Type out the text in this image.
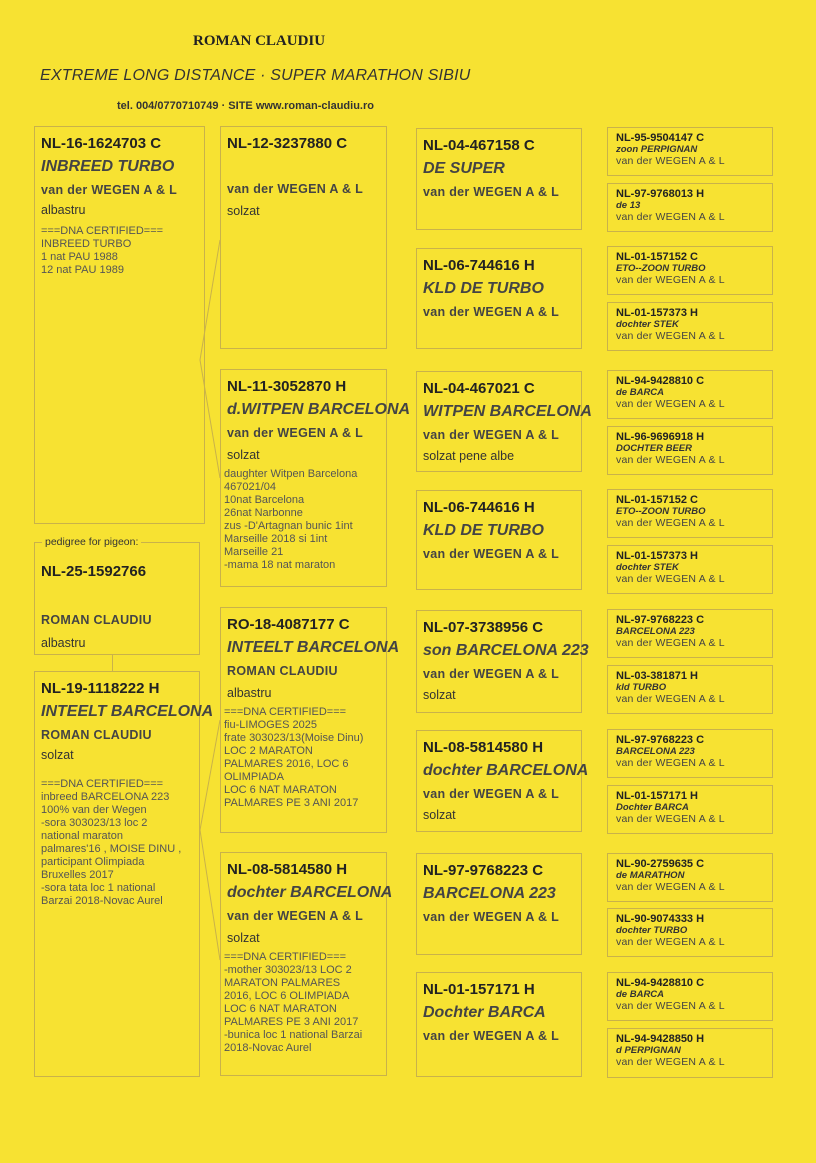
ROMAN CLAUDIU
EXTREME LONG DISTANCE · SUPER MARATHON SIBIU
tel. 004/0770710749 · SITE www.roman-claudiu.ro
NL-25-1592766
ROMAN CLAUDIU
albastru
pedigree for pigeon:
NL-16-1624703 C
INBREED TURBO
van der WEGEN A & L
albastru
===DNA CERTIFIED===
INBREED TURBO
1 nat PAU 1988
12 nat PAU 1989
NL-19-1118222 H
INTEELT BARCELONA
ROMAN CLAUDIU
solzat
===DNA CERTIFIED===
inbreed BARCELONA 223
100% van der Wegen
-sora 303023/13 loc 2
national maraton
palmares'16 , MOISE DINU ,
participant Olimpiada
Bruxelles 2017
-sora tata loc 1 national
Barzai 2018-Novac Aurel
NL-12-3237880 C
van der WEGEN A & L
solzat
NL-11-3052870 H
d.WITPEN BARCELONA
van der WEGEN A & L
solzat
daughter Witpen Barcelona
467021/04
10nat Barcelona
26nat Narbonne
zus -D'Artagnan bunic 1int
Marseille 2018 si 1int
Marseille 21
-mama 18 nat maraton
RO-18-4087177 C
INTEELT BARCELONA
ROMAN CLAUDIU
albastru
===DNA CERTIFIED===
fiu-LIMOGES 2025
frate 303023/13(Moise Dinu)
LOC 2 MARATON
PALMARES 2016, LOC 6
OLIMPIADA
LOC 6 NAT MARATON
PALMARES PE 3 ANI 2017
NL-08-5814580 H
dochter BARCELONA
van der WEGEN A & L
solzat
===DNA CERTIFIED===
-mother 303023/13 LOC 2
MARATON PALMARES
2016, LOC 6 OLIMPIADA
LOC 6 NAT MARATON
PALMARES PE 3 ANI 2017
-bunica loc 1 national Barzai
2018-Novac Aurel
NL-04-467158 C
DE SUPER
van der WEGEN A & L
NL-06-744616 H
KLD DE TURBO
van der WEGEN A & L
NL-04-467021 C
WITPEN BARCELONA
van der WEGEN A & L
solzat pene albe
NL-06-744616 H
KLD DE TURBO
van der WEGEN A & L
NL-07-3738956 C
son BARCELONA 223
van der WEGEN A & L
solzat
NL-08-5814580 H
dochter BARCELONA
van der WEGEN A & L
solzat
NL-97-9768223 C
BARCELONA 223
van der WEGEN A & L
NL-01-157171 H
Dochter BARCA
van der WEGEN A & L
NL-95-9504147 C
zoon PERPIGNAN
van der WEGEN A & L
NL-97-9768013 H
de 13
van der WEGEN A & L
NL-01-157152 C
ETO--ZOON TURBO
van der WEGEN A & L
NL-01-157373 H
dochter STEK
van der WEGEN A & L
NL-94-9428810 C
de BARCA
van der WEGEN A & L
NL-96-9696918 H
DOCHTER BEER
van der WEGEN A & L
NL-01-157152 C
ETO--ZOON TURBO
van der WEGEN A & L
NL-01-157373 H
dochter STEK
van der WEGEN A & L
NL-97-9768223 C
BARCELONA 223
van der WEGEN A & L
NL-03-381871 H
kld TURBO
van der WEGEN A & L
NL-97-9768223 C
BARCELONA 223
van der WEGEN A & L
NL-01-157171 H
Dochter BARCA
van der WEGEN A & L
NL-90-2759635 C
de MARATHON
van der WEGEN A & L
NL-90-9074333 H
dochter TURBO
van der WEGEN A & L
NL-94-9428810 C
de BARCA
van der WEGEN A & L
NL-94-9428850 H
d PERPIGNAN
van der WEGEN A & L
